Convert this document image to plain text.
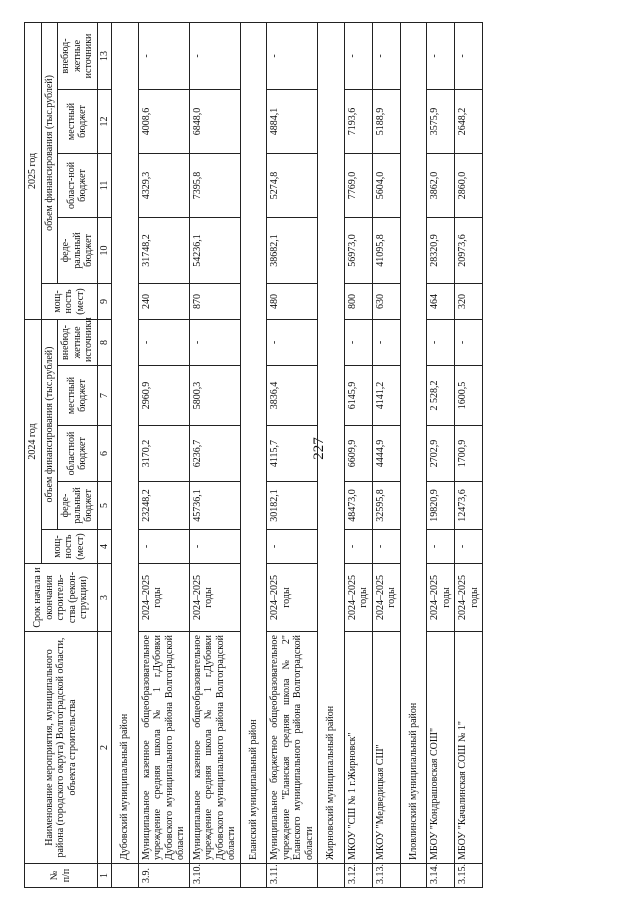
227
№ п/п	Наименование мероприятия, муниципального района (городского округа) Волгоградской области, объекта строительства	Срок начала и окончания строитель-ства (рекон-струкции)	2024 год					2025 год				
			мощ-ность (мест)	объем финансирования (тыс.рублей)				мощ-ность (мест)	объем финансирования (тыс.рублей)			
				феде-ральный бюджет	областной бюджет	местный бюджет	внебюд-жетные источники		феде-ральный бюджет	област-ной бюджет	местный бюджет	внебюд-жетные источники
1	2	3	4	5	6	7	8	9	10	11	12	13
	Дубовский муниципальный район											
3.9.	Муниципальное казенное общеобразовательное учреждение средняя школа № 1 г.Дубовки Дубовского муниципального района Волгоградской области	2024–2025 годы	-	23248,2	3170,2	2960,9	-	240	31748,2	4329,3	4008,6	-
3.10.	Муниципальное казенное общеобразовательное учреждение средняя школа № 1 г.Дубовки Дубовского муниципального района Волгоградской области	2024–2025 годы	-	45736,1	6236,7	5800,3	-	870	54236,1	7395,8	6848,0	-
	Еланский муниципальный район											
3.11.	Муниципальное бюджетное общеобразовательное учреждение "Еланская средняя школа № 2" Еланского муниципального района Волгоградской области	2024–2025 годы	-	30182,1	4115,7	3836,4	-	480	38682,1	5274,8	4884,1	-
	Жирновский муниципальный район											
3.12.	МКОУ "СШ № 1 г.Жирновск"	2024–2025 годы	-	48473,0	6609,9	6145,9	-	800	56973,0	7769,0	7193,6	-
3.13.	МКОУ "Медведицкая СШ"	2024–2025 годы	-	32595,8	4444,9	4141,2	-	630	41095,8	5604,0	5188,9	-
	Иловлинский муниципальный район											
3.14.	МБОУ "Кондрашовская СОШ"	2024–2025 годы	-	19820,9	2702,9	2 528,2	-	464	28320,9	3862,0	3575,9	-
3.15.	МБОУ "Качалинская СОШ № 1"	2024–2025 годы	-	12473,6	1700,9	1600,5	-	320	20973,6	2860,0	2648,2	-
